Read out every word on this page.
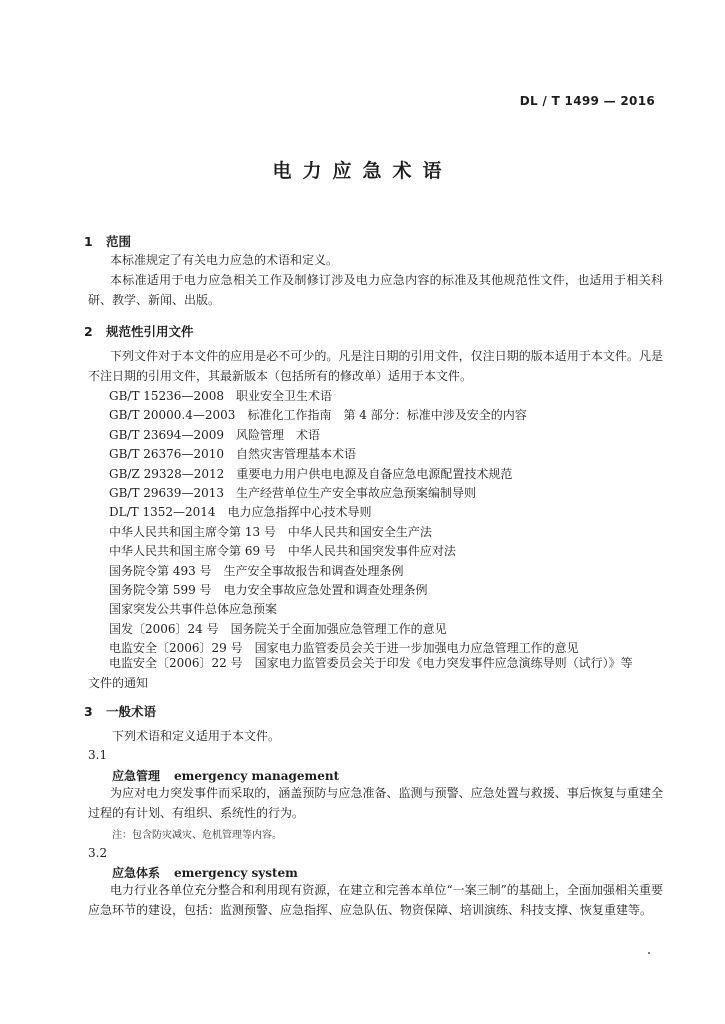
DL / T 1499 — 2016
电力应急术语
1 范围
本标准规定了有关电力应急的术语和定义。
本标准适用于电力应急相关工作及制修订涉及电力应急内容的标准及其他规范性文件，也适用于相关科研、教学、新闻、出版。
2 规范性引用文件
下列文件对于本文件的应用是必不可少的。凡是注日期的引用文件，仅注日期的版本适用于本文件。凡是不注日期的引用文件，其最新版本（包括所有的修改单）适用于本文件。
GB/T 15236—2008 职业安全卫生术语
GB/T 20000.4—2003 标准化工作指南　第 4 部分：标准中涉及安全的内容
GB/T 23694—2009 风险管理　术语
GB/T 26376—2010 自然灾害管理基本术语
GB/Z 29328—2012 重要电力用户供电电源及自备应急电源配置技术规范
GB/T 29639—2013 生产经营单位生产安全事故应急预案编制导则
DL/T 1352—2014 电力应急指挥中心技术导则
中华人民共和国主席令第 13 号 中华人民共和国安全生产法
中华人民共和国主席令第 69 号 中华人民共和国突发事件应对法
国务院令第 493 号 生产安全事故报告和调查处理条例
国务院令第 599 号 电力安全事故应急处置和调查处理条例
国家突发公共事件总体应急预案
国发〔2006〕24 号 国务院关于全面加强应急管理工作的意见
电监安全〔2006〕29 号 国家电力监管委员会关于进一步加强电力应急管理工作的意见
电监安全〔2006〕22 号　国家电力监管委员会关于印发《电力突发事件应急演练导则（试行）》等
文件的通知
3 一般术语
下列术语和定义适用于本文件。
3.1
应急管理 emergency management
为应对电力突发事件而采取的，涵盖预防与应急准备、监测与预警、应急处置与救援、事后恢复与重建全过程的有计划、有组织、系统性的行为。
注：包含防灾减灾、危机管理等内容。
3.2
应急体系 emergency system
电力行业各单位充分整合和利用现有资源，在建立和完善本单位“一案三制”的基础上，全面加强相关重要应急环节的建设，包括：监测预警、应急指挥、应急队伍、物资保障、培训演练、科技支撑、恢复重建等。
